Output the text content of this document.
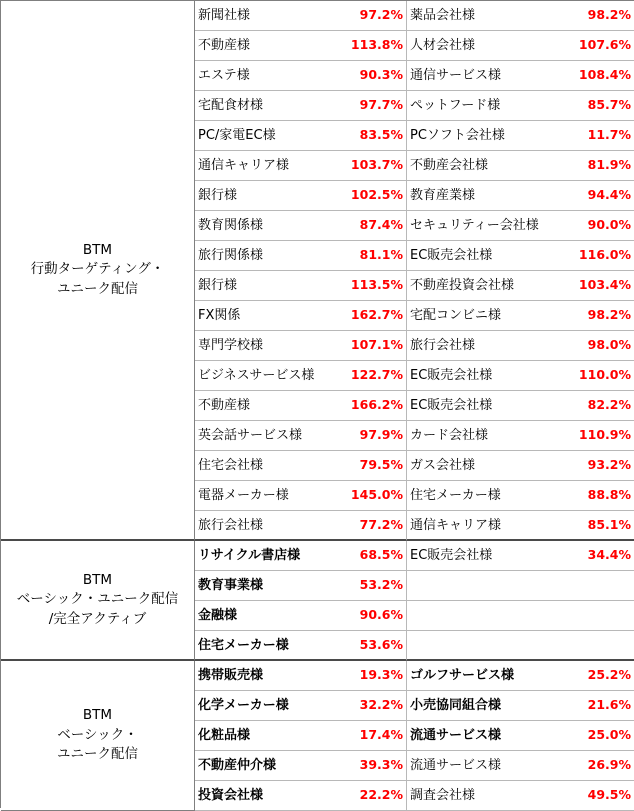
BTM
行動ターゲティング・
ユニーク配信
BTM
ベーシック・ユニーク配信
/完全アクティブ
BTM
ベーシック・
ユニーク配信
新聞社様	97.2% 薬品会社様	98.2%
不動産様	113.8% 人材会社様	107.6%
エステ様	90.3% 通信サービス様	108.4%
宅配食材様	97.7% ペットフード様	85.7%
PC/家電EC様	83.5% PCソフト会社様	11.7%
通信キャリア様	103.7% 不動産会社様	81.9%
銀行様	102.5% 教育産業様	94.4%
教育関係様	87.4% セキュリティー会社様	90.0%
旅行関係様	81.1% EC販売会社様	116.0%
銀行様	113.5% 不動産投資会社様	103.4%
FX関係	162.7% 宅配コンビニ様	98.2%
専門学校様	107.1% 旅行会社様	98.0%
ビジネスサービス様	122.7% EC販売会社様	110.0%
不動産様	166.2% EC販売会社様	82.2%
英会話サービス様	97.9% カード会社様	110.9%
住宅会社様	79.5% ガス会社様	93.2%
電器メーカー様	145.0% 住宅メーカー様	88.8%
旅行会社様	77.2% 通信キャリア様	85.1%
リサイクル書店様	68.5% EC販売会社様	34.4%
教育事業様	53.2%
金融様	90.6%
住宅メーカー様	53.6%
携帯販売様	19.3% ゴルフサービス様	25.2%
化学メーカー様	32.2% 小売協同組合様	21.6%
化粧品様	17.4% 流通サービス様	25.0%
不動産仲介様	39.3% 流通サービス様	26.9%
投資会社様	22.2% 調査会社様	49.5%
